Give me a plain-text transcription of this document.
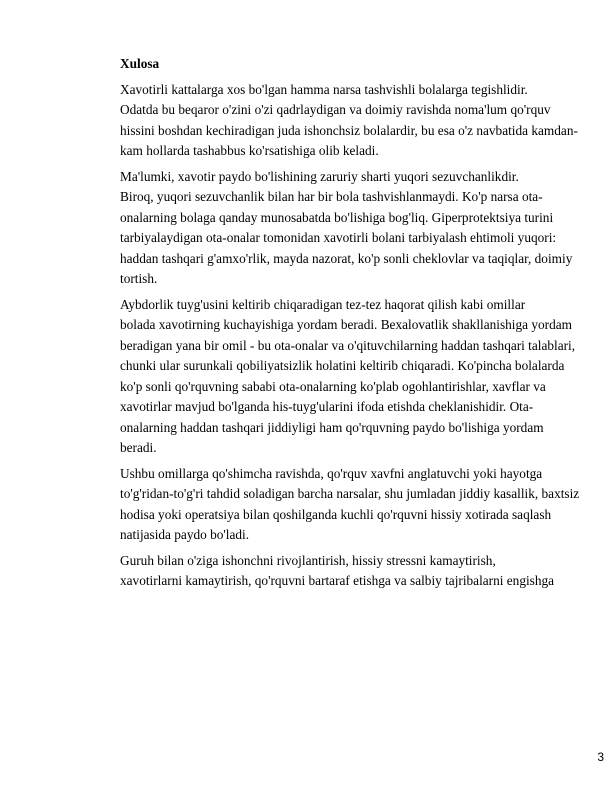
Xulosa

Xavotirli kattalarga xos bo'lgan hamma narsa tashvishli bolalarga tegishlidir.
Odatda bu beqaror o'zini o'zi qadrlaydigan va doimiy ravishda noma'lum qo'rquv
hissini boshdan kechiradigan juda ishonchsiz bolalardir, bu esa o'z navbatida kamdan-
kam hollarda tashabbus ko'rsatishiga olib keladi.

Ma'lumki, xavotir paydo bo'lishining zaruriy sharti yuqori sezuvchanlikdir.
Biroq, yuqori sezuvchanlik bilan har bir bola tashvishlanmaydi. Ko'p narsa ota-
onalarning bolaga qanday munosabatda bo'lishiga bog'liq. Giperprotektsiya turini
tarbiyalaydigan ota-onalar tomonidan xavotirli bolani tarbiyalash ehtimoli yuqori:
haddan tashqari g'amxo'rlik, mayda nazorat, ko'p sonli cheklovlar va taqiqlar, doimiy
tortish.

Aybdorlik tuyg'usini keltirib chiqaradigan tez-tez haqorat qilish kabi omillar
bolada xavotirning kuchayishiga yordam beradi. Bexalovatlik shakllanishiga yordam
beradigan yana bir omil - bu ota-onalar va o'qituvchilarning haddan tashqari talablari,
chunki ular surunkali qobiliyatsizlik holatini keltirib chiqaradi. Ko'pincha bolalarda
ko'p sonli qo'rquvning sababi ota-onalarning ko'plab ogohlantirishlar, xavflar va
xavotirlar mavjud bo'lganda his-tuyg'ularini ifoda etishda cheklanishidir. Ota-
onalarning haddan tashqari jiddiyligi ham qo'rquvning paydo bo'lishiga yordam
beradi.

Ushbu omillarga qo'shimcha ravishda, qo'rquv xavfni anglatuvchi yoki hayotga
to'g'ridan-to'g'ri tahdid soladigan barcha narsalar, shu jumladan jiddiy kasallik, baxtsiz
hodisa yoki operatsiya bilan qoshilganda kuchli qo'rquvni hissiy xotirada saqlash
natijasida paydo bo'ladi.

Guruh bilan o'ziga ishonchni rivojlantirish, hissiy stressni kamaytirish,
xavotirlarni kamaytirish, qo'rquvni bartaraf etishga va salbiy tajribalarni engishga

3
